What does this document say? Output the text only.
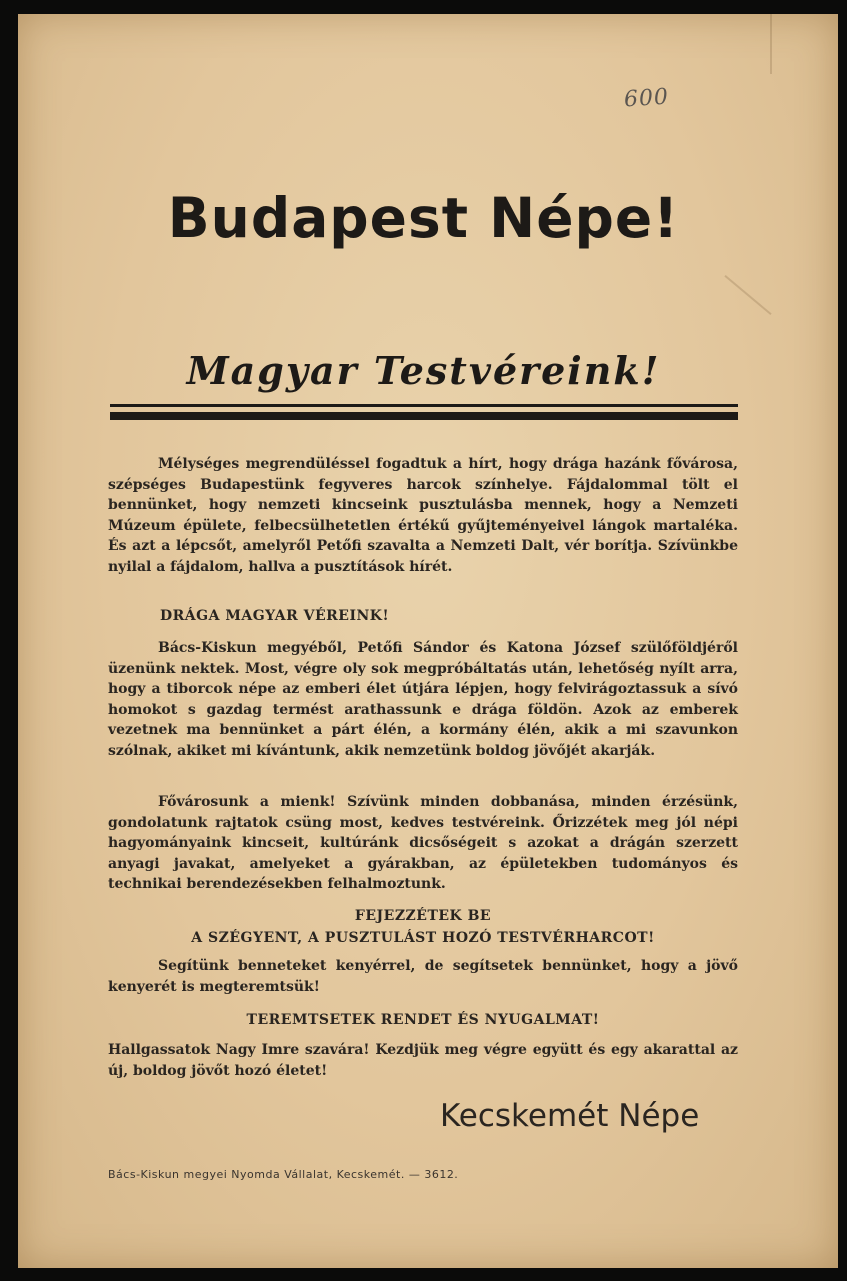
600
Budapest Népe!
Magyar Testvéreink!
Mélységes megrendüléssel fogadtuk a hírt, hogy drága hazánk fővárosa, szépséges Budapestünk fegyveres harcok színhelye. Fájdalommal tölt el bennünket, hogy nemzeti kincseink pusztulásba mennek, hogy a Nemzeti Múzeum épülete, felbecsülhetetlen értékű gyűjteményeivel lángok martaléka. És azt a lépcsőt, amelyről Petőfi szavalta a Nemzeti Dalt, vér borítja. Szívünkbe nyilal a fájdalom, hallva a pusztítások hírét.
DRÁGA MAGYAR VÉREINK!
Bács-Kiskun megyéből, Petőfi Sándor és Katona József szülőföldjéről üzenünk nektek. Most, végre oly sok megpróbáltatás után, lehetőség nyílt arra, hogy a tiborcok népe az emberi élet útjára lépjen, hogy felvirágoztassuk a sívó homokot s gazdag termést arathassunk e drága földön. Azok az emberek vezetnek ma bennünket a párt élén, a kormány élén, akik a mi szavunkon szólnak, akiket mi kívántunk, akik nemzetünk boldog jövőjét akarják.
Fővárosunk a mienk! Szívünk minden dobbanása, minden érzésünk, gondolatunk rajtatok csüng most, kedves testvéreink. Őrizzétek meg jól népi hagyományaink kincseit, kultúránk dicsőségeit s azokat a drágán szerzett anyagi javakat, amelyeket a gyárakban, az épületekben tudományos és technikai berendezésekben felhalmoztunk.
FEJEZZÉTEK BE
A SZÉGYENT, A PUSZTULÁST HOZÓ TESTVÉRHARCOT!
Segítünk benneteket kenyérrel, de segítsetek bennünket, hogy a jövő kenyerét is megteremtsük!
TEREMTSETEK RENDET ÉS NYUGALMAT!
Hallgassatok Nagy Imre szavára! Kezdjük meg végre együtt és egy akarattal az új, boldog jövőt hozó életet!
Kecskemét Népe
Bács-Kiskun megyei Nyomda Vállalat, Kecskemét. — 3612.
